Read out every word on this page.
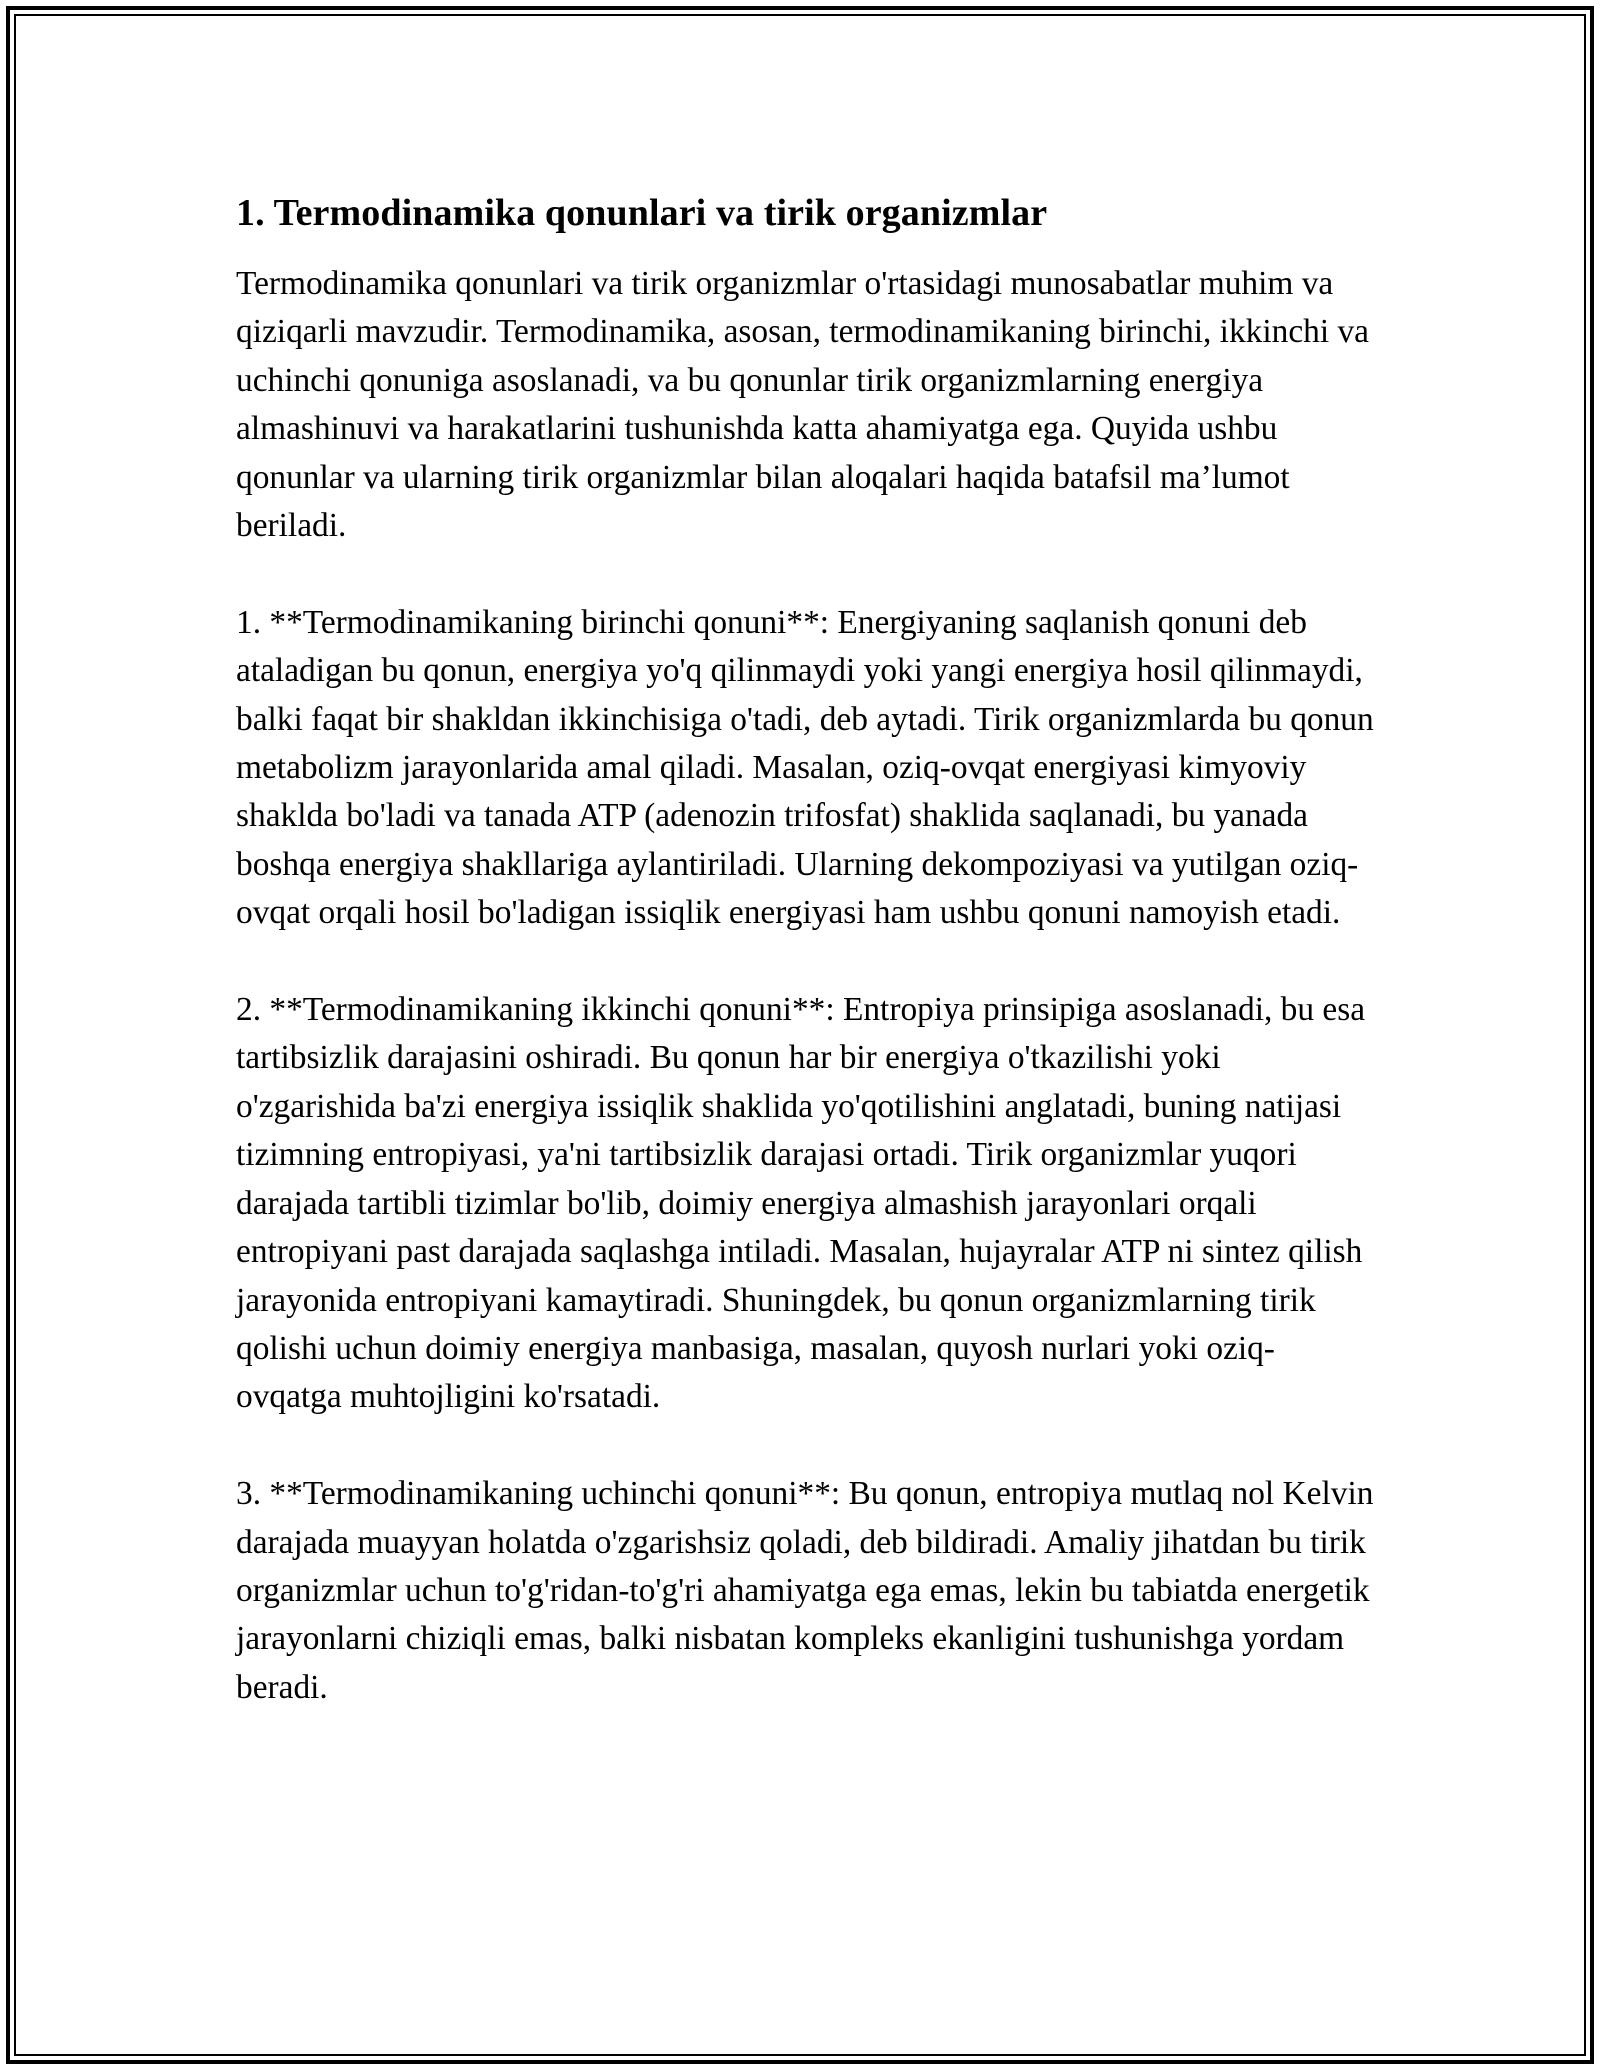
1. Termodinamika qonunlari va tirik organizmlar

Termodinamika qonunlari va tirik organizmlar o'rtasidagi munosabatlar muhim va qiziqarli mavzudir. Termodinamika, asosan, termodinamikaning birinchi, ikkinchi va uchinchi qonuniga asoslanadi, va bu qonunlar tirik organizmlarning energiya almashinuvi va harakatlarini tushunishda katta ahamiyatga ega. Quyida ushbu qonunlar va ularning tirik organizmlar bilan aloqalari haqida batafsil ma’lumot beriladi.

1. **Termodinamikaning birinchi qonuni**: Energiyaning saqlanish qonuni deb ataladigan bu qonun, energiya yo'q qilinmaydi yoki yangi energiya hosil qilinmaydi, balki faqat bir shakldan ikkinchisiga o'tadi, deb aytadi. Tirik organizmlarda bu qonun metabolizm jarayonlarida amal qiladi. Masalan, oziq-ovqat energiyasi kimyoviy shaklda bo'ladi va tanada ATP (adenozin trifosfat) shaklida saqlanadi, bu yanada boshqa energiya shakllariga aylantiriladi. Ularning dekompoziyasi va yutilgan oziq-ovqat orqali hosil bo'ladigan issiqlik energiyasi ham ushbu qonuni namoyish etadi.

2. **Termodinamikaning ikkinchi qonuni**: Entropiya prinsipiga asoslanadi, bu esa tartibsizlik darajasini oshiradi. Bu qonun har bir energiya o'tkazilishi yoki o'zgarishida ba'zi energiya issiqlik shaklida yo'qotilishini anglatadi, buning natijasi tizimning entropiyasi, ya'ni tartibsizlik darajasi ortadi. Tirik organizmlar yuqori darajada tartibli tizimlar bo'lib, doimiy energiya almashish jarayonlari orqali entropiyani past darajada saqlashga intiladi. Masalan, hujayralar ATP ni sintez qilish jarayonida entropiyani kamaytiradi. Shuningdek, bu qonun organizmlarning tirik qolishi uchun doimiy energiya manbasiga, masalan, quyosh nurlari yoki oziq-ovqatga muhtojligini ko'rsatadi.

3. **Termodinamikaning uchinchi qonuni**: Bu qonun, entropiya mutlaq nol Kelvin darajada muayyan holatda o'zgarishsiz qoladi, deb bildiradi. Amaliy jihatdan bu tirik organizmlar uchun to'g'ridan-to'g'ri ahamiyatga ega emas, lekin bu tabiatda energetik jarayonlarni chiziqli emas, balki nisbatan kompleks ekanligini tushunishga yordam beradi.
